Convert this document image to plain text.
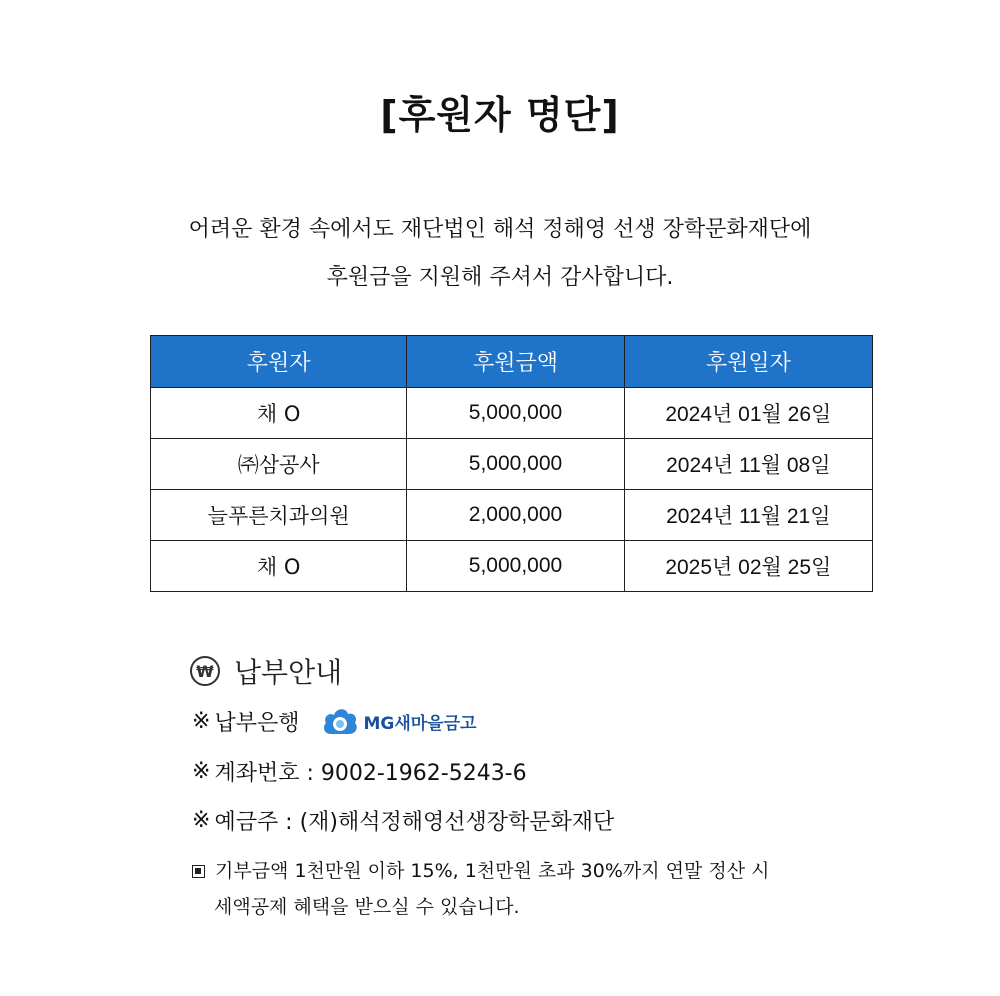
[후원자 명단]
어려운 환경 속에서도 재단법인 해석 정해영 선생 장학문화재단에
후원금을 지원해 주셔서 감사합니다.
후원자	후원금액	후원일자
채 O	5,000,000	2024년 01월 26일
㈜삼공사	5,000,000	2024년 11월 08일
늘푸른치과의원	2,000,000	2024년 11월 21일
채 O	5,000,000	2025년 02월 25일
₩ 납부안내
※ 납부은행	MG새마을금고
※ 계좌번호 : 9002-1962-5243-6
※ 예금주 : (재)해석정해영선생장학문화재단
기부금액 1천만원 이하 15%, 1천만원 초과 30%까지 연말 정산 시
세액공제 혜택을 받으실 수 있습니다.
